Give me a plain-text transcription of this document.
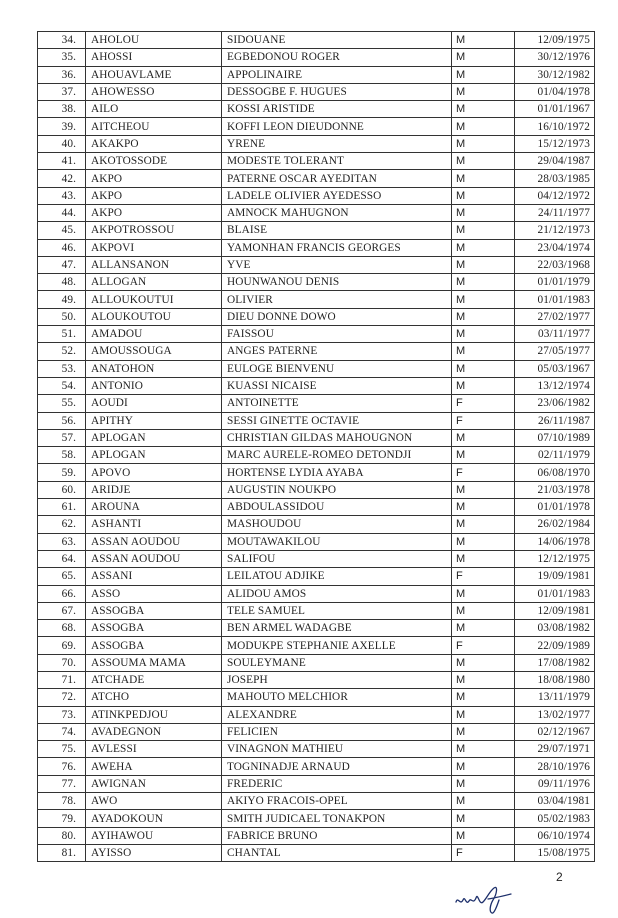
34.	AHOLOU	SIDOUANE	M	12/09/1975
35.	AHOSSI	EGBEDONOU ROGER	M	30/12/1976
36.	AHOUAVLAME	APPOLINAIRE	M	30/12/1982
37.	AHOWESSO	DESSOGBE F. HUGUES	M	01/04/1978
38.	AILO	KOSSI ARISTIDE	M	01/01/1967
39.	AITCHEOU	KOFFI LEON DIEUDONNE	M	16/10/1972
40.	AKAKPO	YRENE	M	15/12/1973
41.	AKOTOSSODE	MODESTE TOLERANT	M	29/04/1987
42.	AKPO	PATERNE OSCAR AYEDITAN	M	28/03/1985
43.	AKPO	LADELE OLIVIER AYEDESSO	M	04/12/1972
44.	AKPO	AMNOCK MAHUGNON	M	24/11/1977
45.	AKPOTROSSOU	BLAISE	M	21/12/1973
46.	AKPOVI	YAMONHAN FRANCIS GEORGES	M	23/04/1974
47.	ALLANSANON	YVE	M	22/03/1968
48.	ALLOGAN	HOUNWANOU DENIS	M	01/01/1979
49.	ALLOUKOUTUI	OLIVIER	M	01/01/1983
50.	ALOUKOUTOU	DIEU DONNE DOWO	M	27/02/1977
51.	AMADOU	FAISSOU	M	03/11/1977
52.	AMOUSSOUGA	ANGES PATERNE	M	27/05/1977
53.	ANATOHON	EULOGE BIENVENU	M	05/03/1967
54.	ANTONIO	KUASSI NICAISE	M	13/12/1974
55.	AOUDI	ANTOINETTE	F	23/06/1982
56.	APITHY	SESSI GINETTE OCTAVIE	F	26/11/1987
57.	APLOGAN	CHRISTIAN GILDAS MAHOUGNON	M	07/10/1989
58.	APLOGAN	MARC AURELE-ROMEO DETONDJI	M	02/11/1979
59.	APOVO	HORTENSE LYDIA AYABA	F	06/08/1970
60.	ARIDJE	AUGUSTIN NOUKPO	M	21/03/1978
61.	AROUNA	ABDOULASSIDOU	M	01/01/1978
62.	ASHANTI	MASHOUDOU	M	26/02/1984
63.	ASSAN AOUDOU	MOUTAWAKILOU	M	14/06/1978
64.	ASSAN AOUDOU	SALIFOU	M	12/12/1975
65.	ASSANI	LEILATOU ADJIKE	F	19/09/1981
66.	ASSO	ALIDOU AMOS	M	01/01/1983
67.	ASSOGBA	TELE SAMUEL	M	12/09/1981
68.	ASSOGBA	BEN ARMEL WADAGBE	M	03/08/1982
69.	ASSOGBA	MODUKPE STEPHANIE AXELLE	F	22/09/1989
70.	ASSOUMA MAMA	SOULEYMANE	M	17/08/1982
71.	ATCHADE	JOSEPH	M	18/08/1980
72.	ATCHO	MAHOUTO MELCHIOR	M	13/11/1979
73.	ATINKPEDJOU	ALEXANDRE	M	13/02/1977
74.	AVADEGNON	FELICIEN	M	02/12/1967
75.	AVLESSI	VINAGNON MATHIEU	M	29/07/1971
76.	AWEHA	TOGNINADJE ARNAUD	M	28/10/1976
77.	AWIGNAN	FREDERIC	M	09/11/1976
78.	AWO	AKIYO FRACOIS-OPEL	M	03/04/1981
79.	AYADOKOUN	SMITH JUDICAEL TONAKPON	M	05/02/1983
80.	AYIHAWOU	FABRICE BRUNO	M	06/10/1974
81.	AYISSO	CHANTAL	F	15/08/1975
2
